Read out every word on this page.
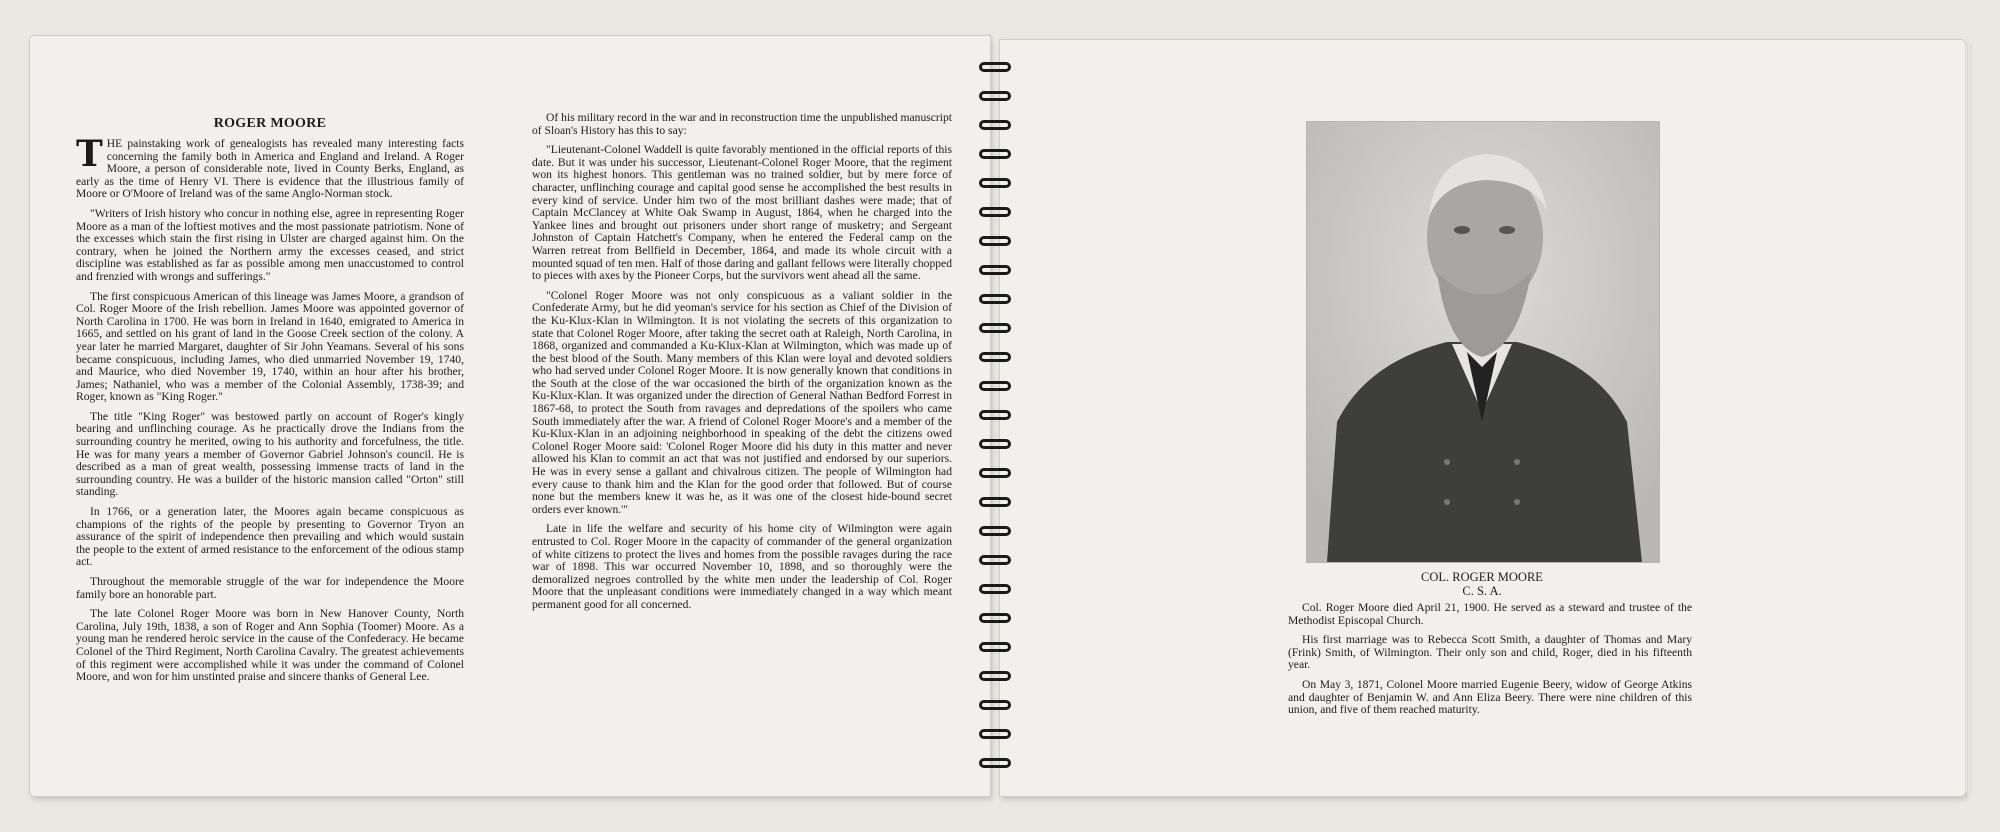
ROGER MOORE

THE painstaking work of genealogists has revealed many interesting facts concerning the family both in America and England and Ireland. A Roger Moore, a person of considerable note, lived in County Berks, England, as early as the time of Henry VI. There is evidence that the illustrious family of Moore or O'Moore of Ireland was of the same Anglo-Norman stock.

"Writers of Irish history who concur in nothing else, agree in representing Roger Moore as a man of the loftiest motives and the most passionate patriotism. None of the excesses which stain the first rising in Ulster are charged against him. On the contrary, when he joined the Northern army the excesses ceased, and strict discipline was established as far as possible among men unaccustomed to control and frenzied with wrongs and sufferings."

The first conspicuous American of this lineage was James Moore, a grandson of Col. Roger Moore of the Irish rebellion. James Moore was appointed governor of North Carolina in 1700. He was born in Ireland in 1640, emigrated to America in 1665, and settled on his grant of land in the Goose Creek section of the colony. A year later he married Margaret, daughter of Sir John Yeamans. Several of his sons became conspicuous, including James, who died unmarried November 19, 1740, and Maurice, who died November 19, 1740, within an hour after his brother, James; Nathaniel, who was a member of the Colonial Assembly, 1738-39; and Roger, known as "King Roger."

The title "King Roger" was bestowed partly on account of Roger's kingly bearing and unflinching courage. As he practically drove the Indians from the surrounding country he merited, owing to his authority and forcefulness, the title. He was for many years a member of Governor Gabriel Johnson's council. He is described as a man of great wealth, possessing immense tracts of land in the surrounding country. He was a builder of the historic mansion called "Orton" still standing.

In 1766, or a generation later, the Moores again became conspicuous as champions of the rights of the people by presenting to Governor Tryon an assurance of the spirit of independence then prevailing and which would sustain the people to the extent of armed resistance to the enforcement of the odious stamp act.

Throughout the memorable struggle of the war for independence the Moore family bore an honorable part.

The late Colonel Roger Moore was born in New Hanover County, North Carolina, July 19th, 1838, a son of Roger and Ann Sophia (Toomer) Moore. As a young man he rendered heroic service in the cause of the Confederacy. He became Colonel of the Third Regiment, North Carolina Cavalry. The greatest achievements of this regiment were accomplished while it was under the command of Colonel Moore, and won for him unstinted praise and sincere thanks of General Lee.

Of his military record in the war and in reconstruction time the unpublished manuscript of Sloan's History has this to say:

"Lieutenant-Colonel Waddell is quite favorably mentioned in the official reports of this date. But it was under his successor, Lieutenant-Colonel Roger Moore, that the regiment won its highest honors. This gentleman was no trained soldier, but by mere force of character, unflinching courage and capital good sense he accomplished the best results in every kind of service. Under him two of the most brilliant dashes were made; that of Captain McClancey at White Oak Swamp in August, 1864, when he charged into the Yankee lines and brought out prisoners under short range of musketry; and Sergeant Johnston of Captain Hatchett's Company, when he entered the Federal camp on the Warren retreat from Bellfield in December, 1864, and made its whole circuit with a mounted squad of ten men. Half of those daring and gallant fellows were literally chopped to pieces with axes by the Pioneer Corps, but the survivors went ahead all the same.

"Colonel Roger Moore was not only conspicuous as a valiant soldier in the Confederate Army, but he did yeoman's service for his section as Chief of the Division of the Ku-Klux-Klan in Wilmington. It is not violating the secrets of this organization to state that Colonel Roger Moore, after taking the secret oath at Raleigh, North Carolina, in 1868, organized and commanded a Ku-Klux-Klan at Wilmington, which was made up of the best blood of the South. Many members of this Klan were loyal and devoted soldiers who had served under Colonel Roger Moore. It is now generally known that conditions in the South at the close of the war occasioned the birth of the organization known as the Ku-Klux-Klan. It was organized under the direction of General Nathan Bedford Forrest in 1867-68, to protect the South from ravages and depredations of the spoilers who came South immediately after the war. A friend of Colonel Roger Moore's and a member of the Ku-Klux-Klan in an adjoining neighborhood in speaking of the debt the citizens owed Colonel Roger Moore said: 'Colonel Roger Moore did his duty in this matter and never allowed his Klan to commit an act that was not justified and endorsed by our superiors. He was in every sense a gallant and chivalrous citizen. The people of Wilmington had every cause to thank him and the Klan for the good order that followed. But of course none but the members knew it was he, as it was one of the closest hide-bound secret orders ever known.'"

Late in life the welfare and security of his home city of Wilmington were again entrusted to Col. Roger Moore in the capacity of commander of the general organization of white citizens to protect the lives and homes from the possible ravages during the race war of 1898. This war occurred November 10, 1898, and so thoroughly were the demoralized negroes controlled by the white men under the leadership of Col. Roger Moore that the unpleasant conditions were immediately changed in a way which meant permanent good for all concerned.

COL. ROGER MOORE
C. S. A.

Col. Roger Moore died April 21, 1900. He served as a steward and trustee of the Methodist Episcopal Church.

His first marriage was to Rebecca Scott Smith, a daughter of Thomas and Mary (Frink) Smith, of Wilmington. Their only son and child, Roger, died in his fifteenth year.

On May 3, 1871, Colonel Moore married Eugenie Beery, widow of George Atkins and daughter of Benjamin W. and Ann Eliza Beery. There were nine children of this union, and five of them reached maturity.
